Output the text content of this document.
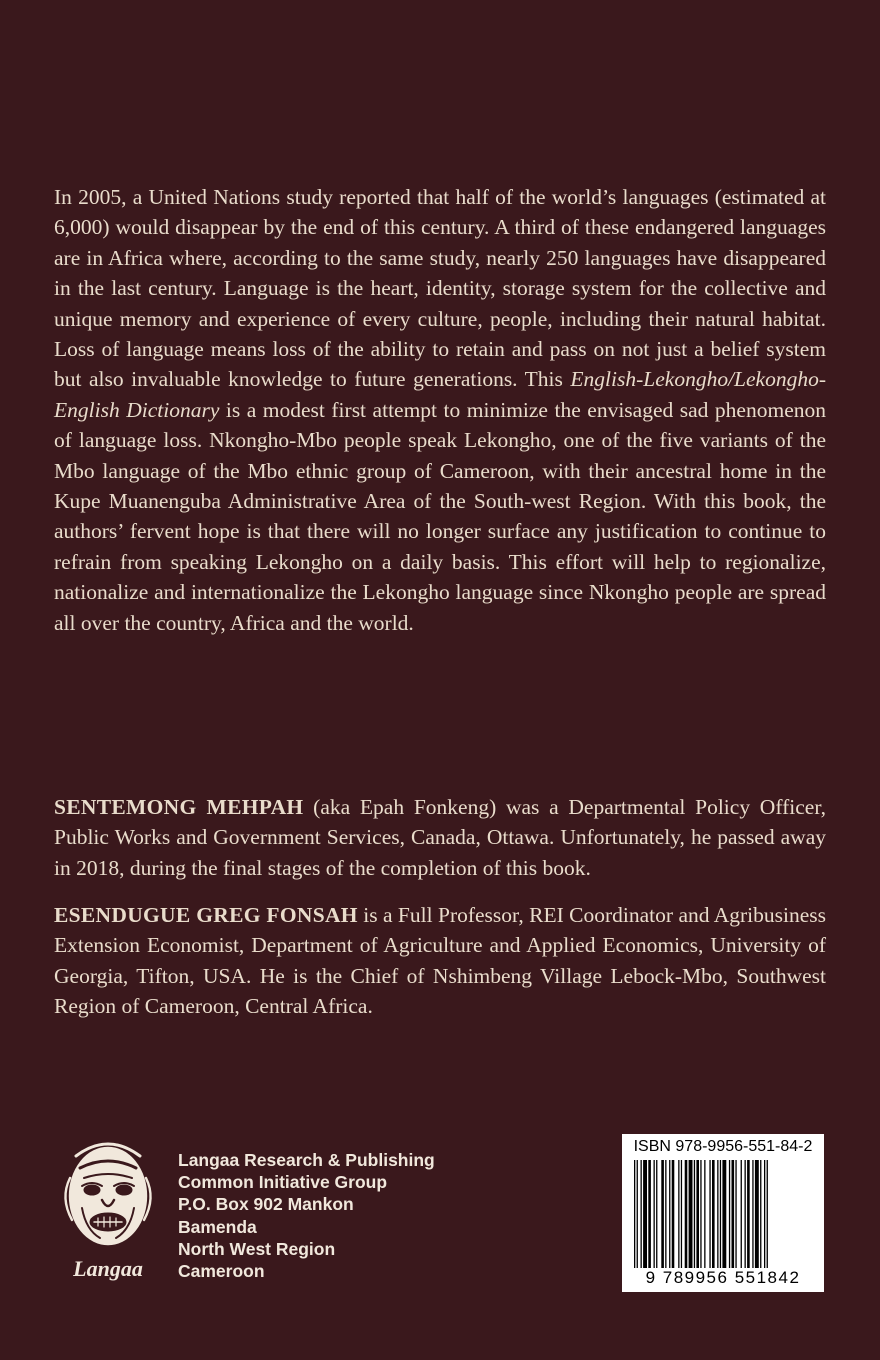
In 2005, a United Nations study reported that half of the world’s languages (estimated at 6,000) would disappear by the end of this century. A third of these endangered languages are in Africa where, according to the same study, nearly 250 languages have disappeared in the last century. Language is the heart, identity, storage system for the collective and unique memory and experience of every culture, people, including their natural habitat. Loss of language means loss of the ability to retain and pass on not just a belief system but also invaluable knowledge to future generations. This English-Lekongho/Lekongho-English Dictionary is a modest first attempt to minimize the envisaged sad phenomenon of language loss. Nkongho-Mbo people speak Lekongho, one of the five variants of the Mbo language of the Mbo ethnic group of Cameroon, with their ancestral home in the Kupe Muanenguba Administrative Area of the South-west Region. With this book, the authors’ fervent hope is that there will no longer surface any justification to continue to refrain from speaking Lekongho on a daily basis. This effort will help to regionalize, nationalize and internationalize the Lekongho language since Nkongho people are spread all over the country, Africa and the world.

SENTEMONG MEHPAH (aka Epah Fonkeng) was a Departmental Policy Officer, Public Works and Government Services, Canada, Ottawa. Unfortunately, he passed away in 2018, during the final stages of the completion of this book.

ESENDUGUE GREG FONSAH is a Full Professor, REI Coordinator and Agribusiness Extension Economist, Department of Agriculture and Applied Economics, University of Georgia, Tifton, USA. He is the Chief of Nshimbeng Village Lebock-Mbo, Southwest Region of Cameroon, Central Africa.

Langaa
Langaa Research & Publishing
Common Initiative Group
P.O. Box 902 Mankon
Bamenda
North West Region
Cameroon
ISBN 978-9956-551-84-2
9 789956 551842
